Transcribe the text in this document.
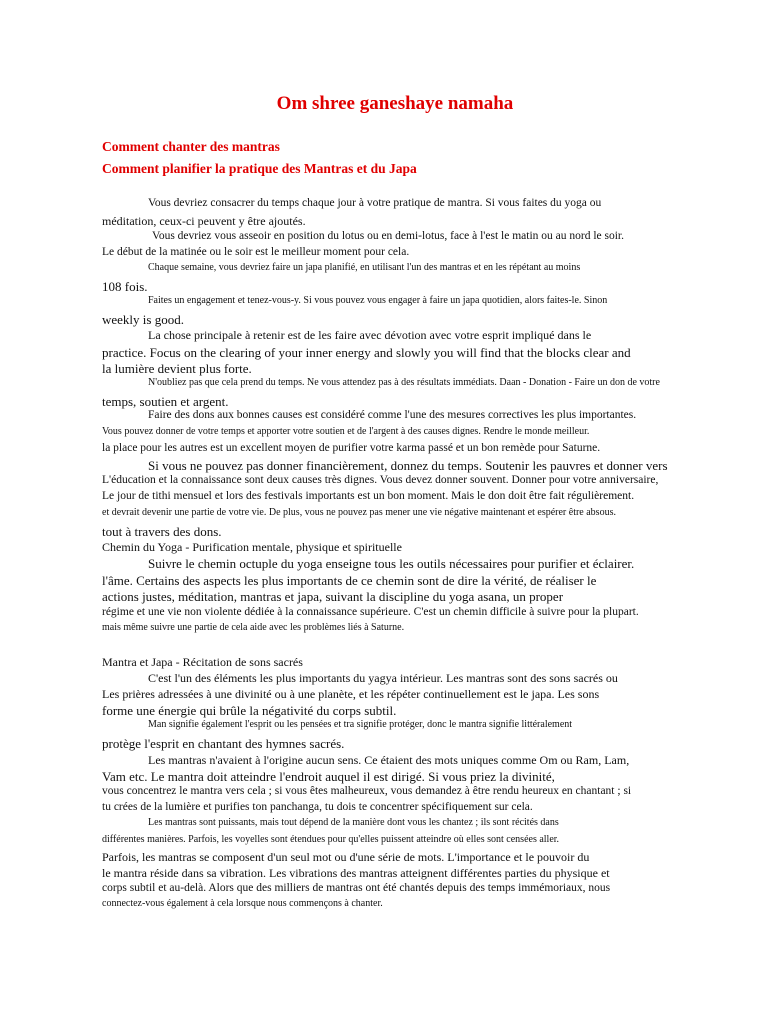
Om shree ganeshaye namaha
Comment chanter des mantras
Comment planifier la pratique des Mantras et du Japa
Vous devriez consacrer du temps chaque jour à votre pratique de mantra. Si vous faites du yoga ou
méditation, ceux-ci peuvent y être ajoutés.
Vous devriez vous asseoir en position du lotus ou en demi-lotus, face à l'est le matin ou au nord le soir.
Le début de la matinée ou le soir est le meilleur moment pour cela.
Chaque semaine, vous devriez faire un japa planifié, en utilisant l'un des mantras et en les répétant au moins
108 fois.
Faites un engagement et tenez-vous-y. Si vous pouvez vous engager à faire un japa quotidien, alors faites-le. Sinon
weekly is good.
La chose principale à retenir est de les faire avec dévotion avec votre esprit impliqué dans le
practice. Focus on the clearing of your inner energy and slowly you will find that the blocks clear and
la lumière devient plus forte.
N'oubliez pas que cela prend du temps. Ne vous attendez pas à des résultats immédiats. Daan - Donation - Faire un don de votre
temps, soutien et argent.
Faire des dons aux bonnes causes est considéré comme l'une des mesures correctives les plus importantes.
Vous pouvez donner de votre temps et apporter votre soutien et de l'argent à des causes dignes. Rendre le monde meilleur.
la place pour les autres est un excellent moyen de purifier votre karma passé et un bon remède pour Saturne.
Si vous ne pouvez pas donner financièrement, donnez du temps. Soutenir les pauvres et donner vers
L'éducation et la connaissance sont deux causes très dignes. Vous devez donner souvent. Donner pour votre anniversaire,
Le jour de tithi mensuel et lors des festivals importants est un bon moment. Mais le don doit être fait régulièrement.
et devrait devenir une partie de votre vie. De plus, vous ne pouvez pas mener une vie négative maintenant et espérer être absous.
tout à travers des dons.
Chemin du Yoga - Purification mentale, physique et spirituelle
Suivre le chemin octuple du yoga enseigne tous les outils nécessaires pour purifier et éclairer.
l'âme. Certains des aspects les plus importants de ce chemin sont de dire la vérité, de réaliser le
actions justes, méditation, mantras et japa, suivant la discipline du yoga asana, un proper
régime et une vie non violente dédiée à la connaissance supérieure. C'est un chemin difficile à suivre pour la plupart.
mais même suivre une partie de cela aide avec les problèmes liés à Saturne.
Mantra et Japa - Récitation de sons sacrés
C'est l'un des éléments les plus importants du yagya intérieur. Les mantras sont des sons sacrés ou
Les prières adressées à une divinité ou à une planète, et les répéter continuellement est le japa. Les sons
forme une énergie qui brûle la négativité du corps subtil.
Man signifie également l'esprit ou les pensées et tra signifie protéger, donc le mantra signifie littéralement
protège l'esprit en chantant des hymnes sacrés.
Les mantras n'avaient à l'origine aucun sens. Ce étaient des mots uniques comme Om ou Ram, Lam,
Vam etc. Le mantra doit atteindre l'endroit auquel il est dirigé. Si vous priez la divinité,
vous concentrez le mantra vers cela ; si vous êtes malheureux, vous demandez à être rendu heureux en chantant ; si
tu crées de la lumière et purifies ton panchanga, tu dois te concentrer spécifiquement sur cela.
Les mantras sont puissants, mais tout dépend de la manière dont vous les chantez ; ils sont récités dans
différentes manières. Parfois, les voyelles sont étendues pour qu'elles puissent atteindre où elles sont censées aller.
Parfois, les mantras se composent d'un seul mot ou d'une série de mots. L'importance et le pouvoir du
le mantra réside dans sa vibration. Les vibrations des mantras atteignent différentes parties du physique et
corps subtil et au-delà. Alors que des milliers de mantras ont été chantés depuis des temps immémoriaux, nous
connectez-vous également à cela lorsque nous commençons à chanter.
